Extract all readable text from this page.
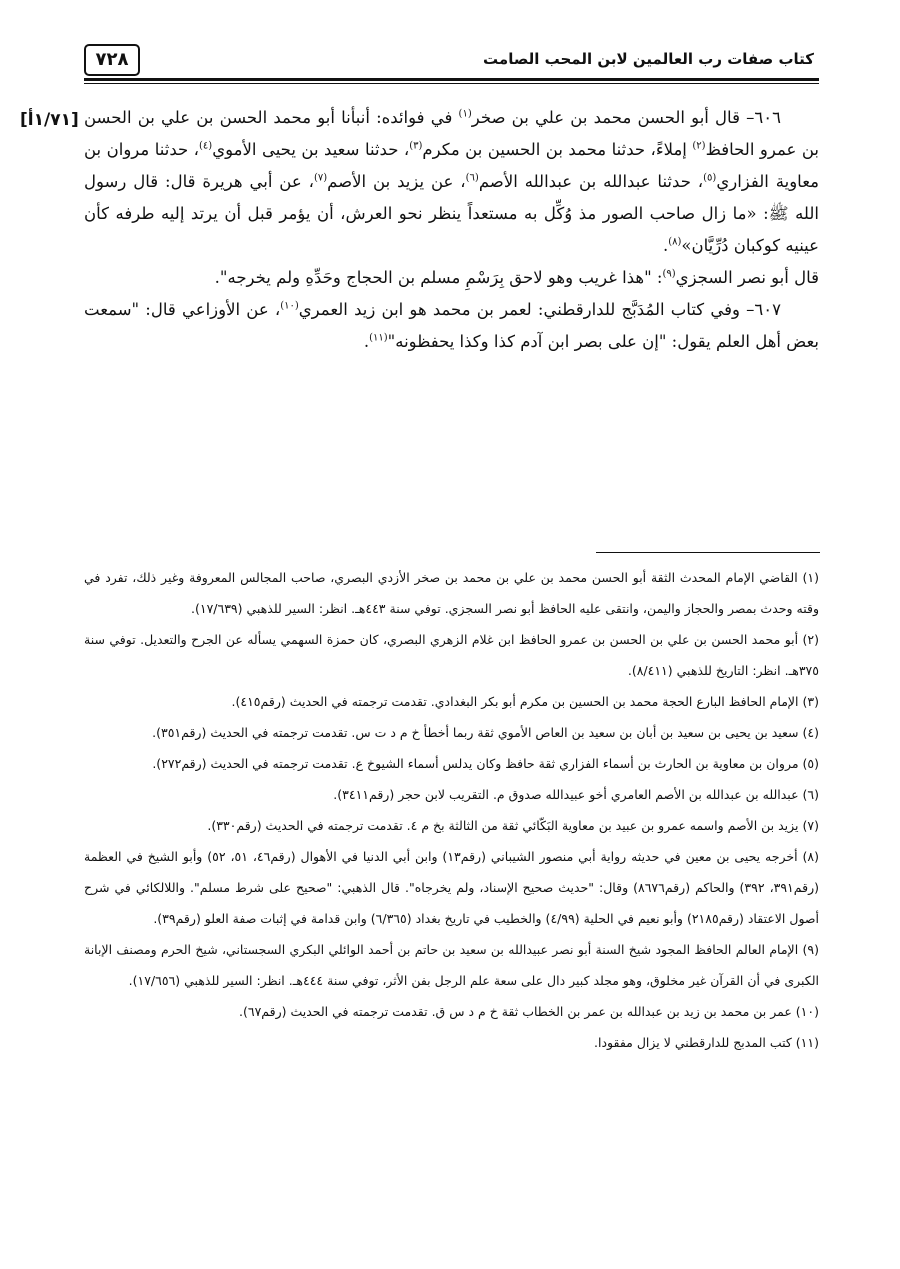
٧٢٨	كتاب صفات رب العالمين لابن المحب الصامت
[١/٧١أ]	٦٠٦– قال أبو الحسن محمد بن علي بن صخر$^{(١)}$ في فوائده: أنبأنا أبو محمد الحسن بن علي بن الحسن بن عمرو الحافظ$^{(٢)}$ إملاءً، حدثنا محمد بن الحسين بن مكرم$^{(٣)}$، حدثنا سعيد بن يحيى الأموي$^{(٤)}$، حدثنا مروان بن معاوية الفزاري$^{(٥)}$، حدثنا عبدالله بن عبدالله الأصم$^{(٦)}$، عن يزيد بن الأصم$^{(٧)}$، عن أبي هريرة قال: قال رسول الله ﷺ: «ما زال صاحب الصور مذ وُكِّل به مستعداً ينظر نحو العرش، أن يؤمر قبل أن يرتد إليه طرفه كأن عينيه كوكبان دُرِّيَّان»$^{(٨)}$.

قال أبو نصر السجزي$^{(٩)}$: "هذا غريب وهو لاحق بِرَسْمِ مسلم بن الحجاج وحَدِّهِ ولم يخرجه".

٦٠٧– وفي كتاب المُدَبَّج للدارقطني: لعمر بن محمد هو ابن زيد العمري$^{(١٠)}$، عن الأوزاعي قال: "سمعت بعض أهل العلم يقول: "إن على بصر ابن آدم كذا وكذا يحفظونه"$^{(١١)}$.

(١) القاضي الإمام المحدث الثقة أبو الحسن محمد بن علي بن محمد بن صخر الأزدي البصري، صاحب المجالس المعروفة وغير ذلك، تفرد في وقته وحدث بمصر والحجاز واليمن، وانتقى عليه الحافظ أبو نصر السجزي. توفي سنة ٤٤٣هـ. انظر: السير للذهبي (١٧/٦٣٩).

(٢) أبو محمد الحسن بن علي بن الحسن بن عمرو الحافظ ابن غلام الزهري البصري، كان حمزة السهمي يسأله عن الجرح والتعديل. توفي سنة ٣٧٥هـ. انظر: التاريخ للذهبي (٨/٤١١).

(٣) الإمام الحافظ البارع الحجة محمد بن الحسين بن مكرم أبو بكر البغدادي. تقدمت ترجمته في الحديث (رقم٤١٥).

(٤) سعيد بن يحيى بن سعيد بن أبان بن سعيد بن العاص الأموي ثقة ربما أخطأ خ م د ت س. تقدمت ترجمته في الحديث (رقم٣٥١).

(٥) مروان بن معاوية بن الحارث بن أسماء الفزاري ثقة حافظ وكان يدلس أسماء الشيوخ ع. تقدمت ترجمته في الحديث (رقم٢٧٢).

(٦) عبدالله بن عبدالله بن الأصم العامري أخو عبيدالله صدوق م. التقريب لابن حجر (رقم٣٤١١).

(٧) يزيد بن الأصم واسمه عمرو بن عبيد بن معاوية البَكّائي ثقة من الثالثة بخ م ٤. تقدمت ترجمته في الحديث (رقم٣٣٠).

(٨) أخرجه يحيى بن معين في حديثه رواية أبي منصور الشيباني (رقم١٣) وابن أبي الدنيا في الأهوال (رقم٤٦، ٥١، ٥٢) وأبو الشيخ في العظمة (رقم٣٩١، ٣٩٢) والحاكم (رقم٨٦٧٦) وقال: "حديث صحيح الإسناد، ولم يخرجاه". قال الذهبي: "صحيح على شرط مسلم". واللالكائي في شرح أصول الاعتقاد (رقم٢١٨٥) وأبو نعيم في الحلية (٤/٩٩) والخطيب في تاريخ بغداد (٦/٣٦٥) وابن قدامة في إثبات صفة العلو (رقم٣٩).

(٩) الإمام العالم الحافظ المجود شيخ السنة أبو نصر عبيدالله بن سعيد بن حاتم بن أحمد الوائلي البكري السجستاني، شيخ الحرم ومصنف الإبانة الكبرى في أن القرآن غير مخلوق، وهو مجلد كبير دال على سعة علم الرجل بفن الأثر، توفي سنة ٤٤٤هـ. انظر: السير للذهبي (١٧/٦٥٦).

(١٠) عمر بن محمد بن زيد بن عبدالله بن عمر بن الخطاب ثقة خ م د س ق. تقدمت ترجمته في الحديث (رقم٦٧).

(١١) كتب المدبج للدارقطني لا يزال مفقودا.
